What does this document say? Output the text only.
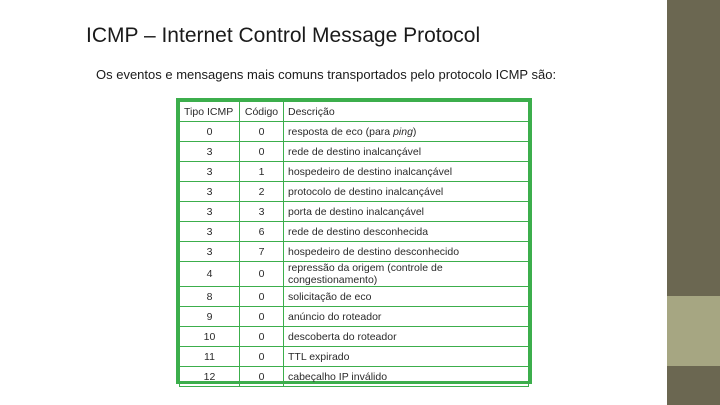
ICMP – Internet Control Message Protocol
Os eventos e mensagens mais comuns transportados pelo protocolo ICMP são:
Tipo ICMP	Código	Descrição
0	0	resposta de eco (para ping)
3	0	rede de destino inalcançável
3	1	hospedeiro de destino inalcançável
3	2	protocolo de destino inalcançável
3	3	porta de destino inalcançável
3	6	rede de destino desconhecida
3	7	hospedeiro de destino desconhecido
4	0	repressão da origem (controle de congestionamento)
8	0	solicitação de eco
9	0	anúncio do roteador
10	0	descoberta do roteador
11	0	TTL expirado
12	0	cabeçalho IP inválido
